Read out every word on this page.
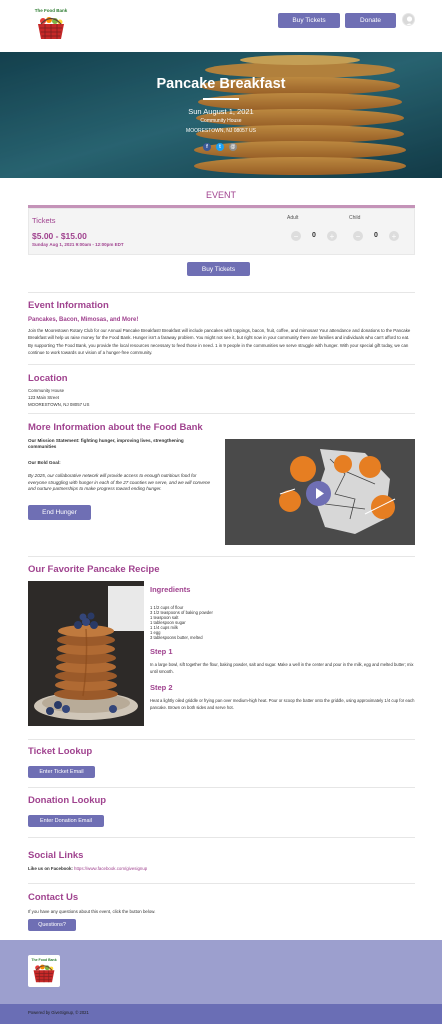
The Food Bank
Buy Tickets	Donate
Pancake Breakfast
Sun August 1, 2021
Community House
MOORESTOWN, NJ 08057 US
f	t	@
EVENT
Tickets
$5.00 - $15.00
Sunday Aug 1, 2021 9:00am - 12:00pm EDT
Adult
−	0	+
Child
−	0	+
Buy Tickets
Event Information
Pancakes, Bacon, Mimosas, and More!
Join the Moorestown Rotary Club for our Annual Pancake Breakfast! Breakfast will include pancakes with toppings, bacon, fruit, coffee, and mimosas! Your attendance and donations to the Pancake Breakfast will help us raise money for the Food Bank. Hunger isn't a faraway problem. You might not see it, but right now in your community there are families and individuals who can't afford to eat. By supporting The Food Bank, you provide the local resources necessary to feed those in need. 1 in 9 people in the communities we serve struggle with hunger. With your special gift today, we can continue to work towards our vision of a hunger-free community.
Location
Community House
123 Main Street
MOORESTOWN, NJ 08057 US
More Information about the Food Bank
Our Mission Statement: fighting hunger, improving lives, strengthening communities
Our Bold Goal:
By 2025, our collaborative network will provide access to enough nutritious food for everyone struggling with hunger in each of the 27 counties we serve, and we will convene and nurture partnerships to make progress toward ending hunger.
End Hunger
Our Favorite Pancake Recipe
Ingredients
1 1/2 cups of flour
3 1/2 teaspoons of baking powder
1 teaspoon salt
1 tablespoon sugar
1 1/4 cups milk
1 egg
3 tablespoons butter, melted
Step 1
In a large bowl, sift together the flour, baking powder, salt and sugar. Make a well in the center and pour in the milk, egg and melted butter; mix until smooth.
Step 2
Heat a lightly oiled griddle or frying pan over medium-high heat. Pour or scoop the batter onto the griddle, using approximately 1/4 cup for each pancake. Brown on both sides and serve hot.
Ticket Lookup
Enter Ticket Email
Donation Lookup
Enter Donation Email
Social Links
Like us on Facebook: https://www.facebook.com/givesignup
Contact Us
If you have any questions about this event, click the button below.
Questions?
The Food Bank
Powered by GiveSignup, © 2021
